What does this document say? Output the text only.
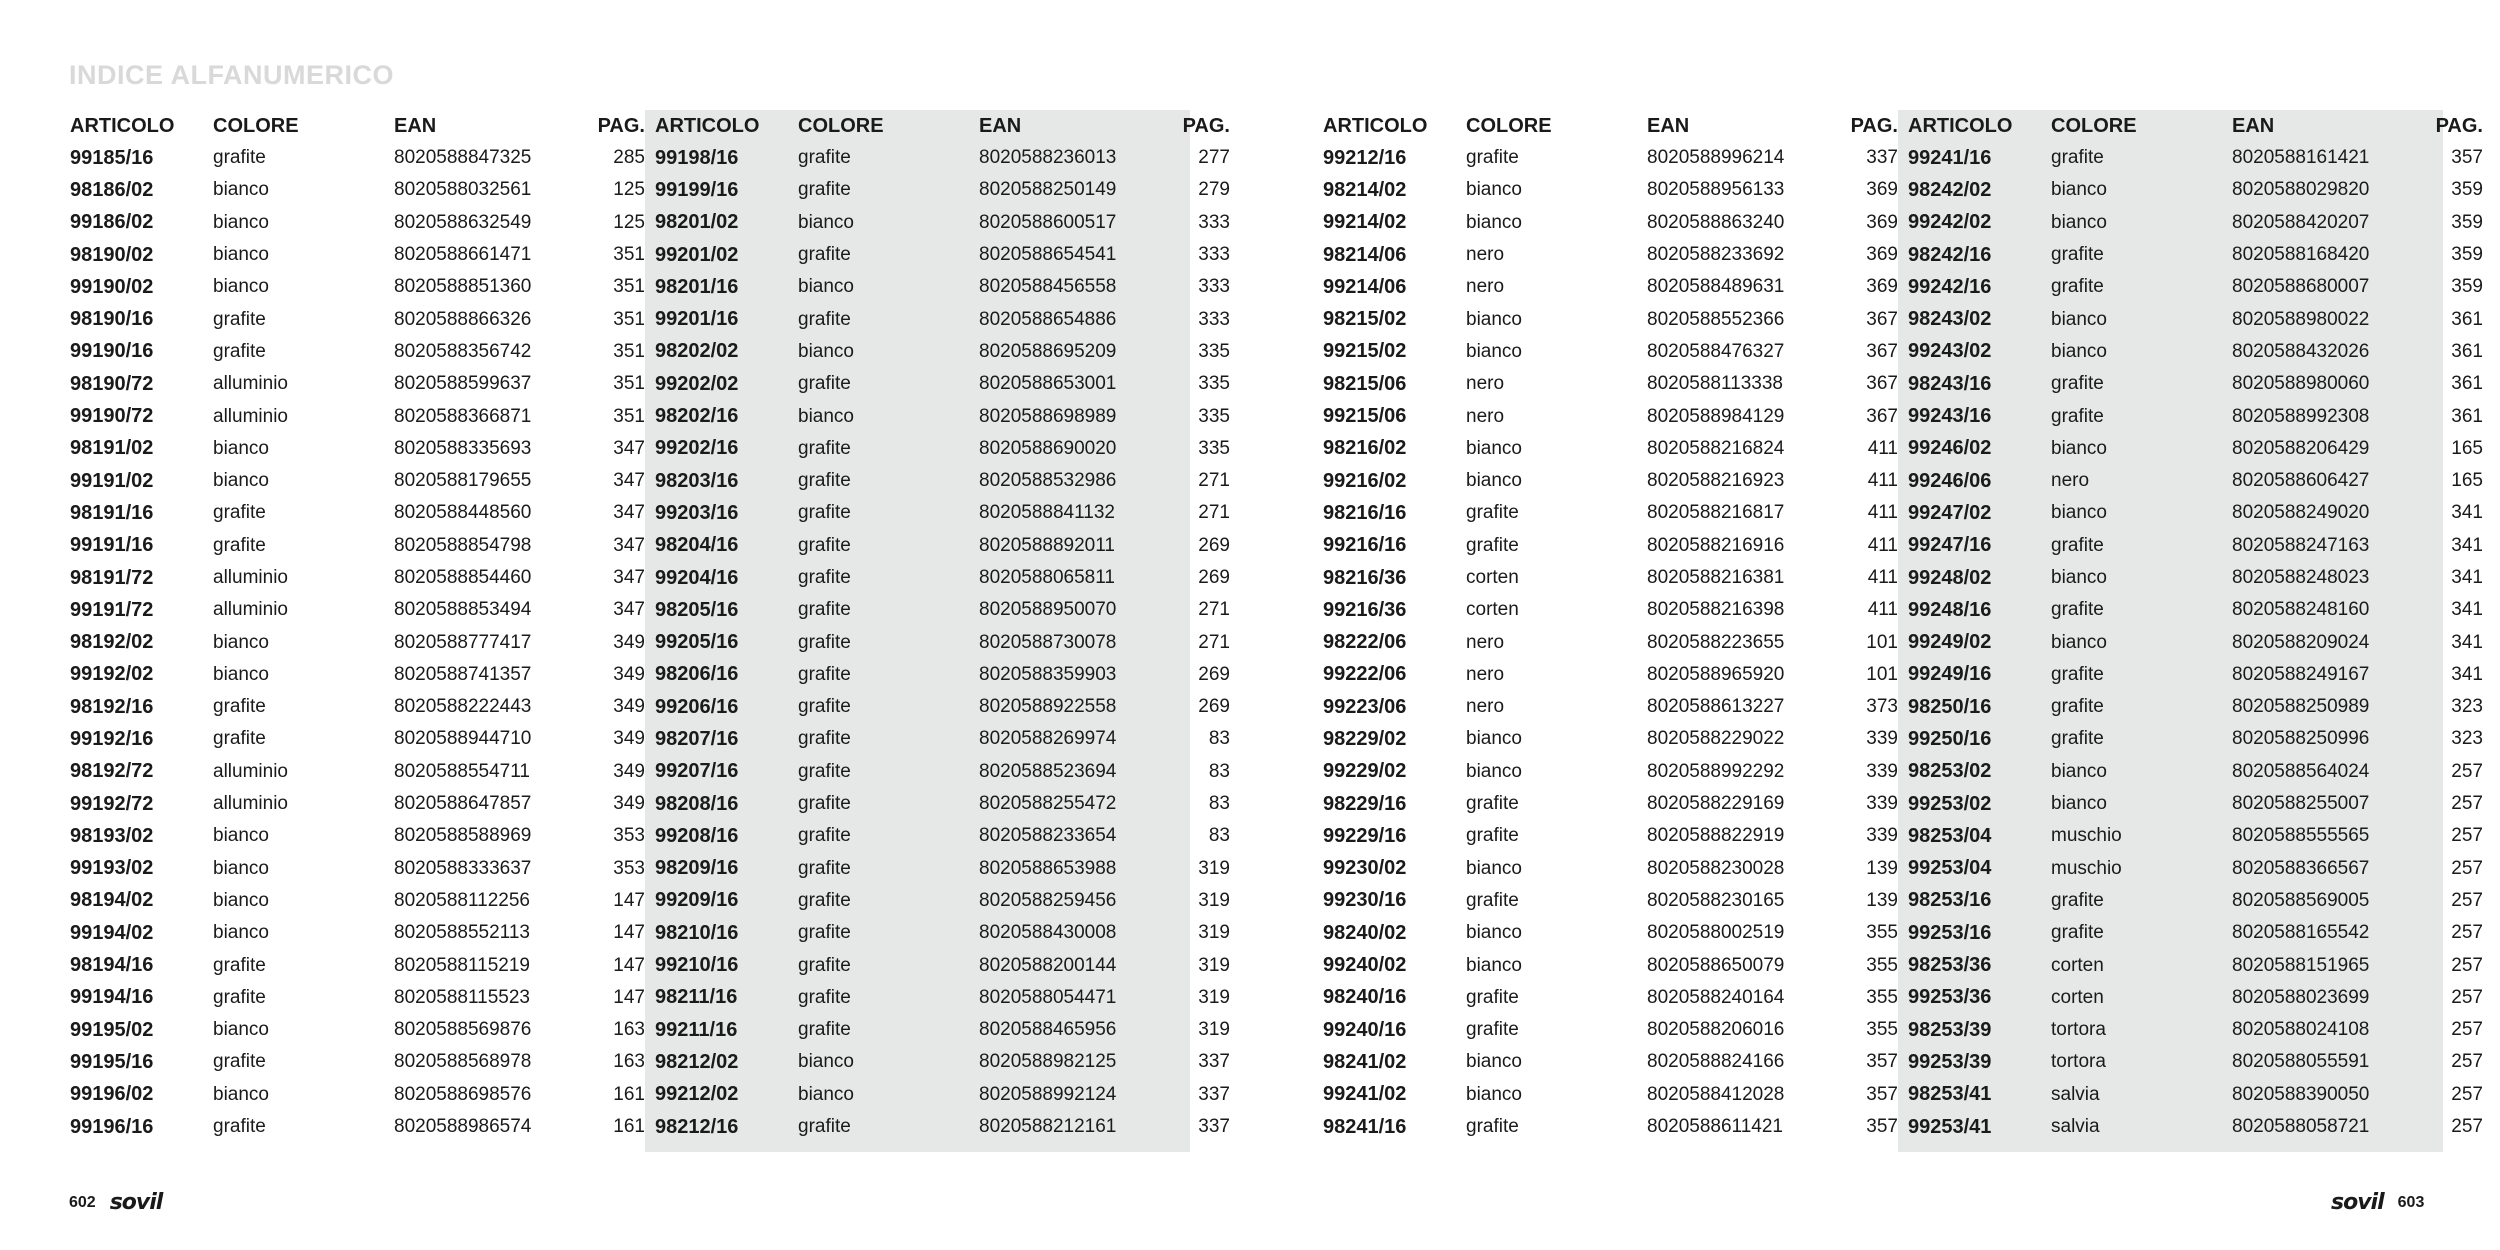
INDICE ALFANUMERICO
ARTICOLO	COLORE	EAN	PAG.
99185/16	grafite	8020588847325	285
98186/02	bianco	8020588032561	125
99186/02	bianco	8020588632549	125
98190/02	bianco	8020588661471	351
99190/02	bianco	8020588851360	351
98190/16	grafite	8020588866326	351
99190/16	grafite	8020588356742	351
98190/72	alluminio	8020588599637	351
99190/72	alluminio	8020588366871	351
98191/02	bianco	8020588335693	347
99191/02	bianco	8020588179655	347
98191/16	grafite	8020588448560	347
99191/16	grafite	8020588854798	347
98191/72	alluminio	8020588854460	347
99191/72	alluminio	8020588853494	347
98192/02	bianco	8020588777417	349
99192/02	bianco	8020588741357	349
98192/16	grafite	8020588222443	349
99192/16	grafite	8020588944710	349
98192/72	alluminio	8020588554711	349
99192/72	alluminio	8020588647857	349
98193/02	bianco	8020588588969	353
99193/02	bianco	8020588333637	353
98194/02	bianco	8020588112256	147
99194/02	bianco	8020588552113	147
98194/16	grafite	8020588115219	147
99194/16	grafite	8020588115523	147
99195/02	bianco	8020588569876	163
99195/16	grafite	8020588568978	163
99196/02	bianco	8020588698576	161
99196/16	grafite	8020588986574	161
ARTICOLO	COLORE	EAN	PAG.
99198/16	grafite	8020588236013	277
99199/16	grafite	8020588250149	279
98201/02	bianco	8020588600517	333
99201/02	grafite	8020588654541	333
98201/16	bianco	8020588456558	333
99201/16	grafite	8020588654886	333
98202/02	bianco	8020588695209	335
99202/02	grafite	8020588653001	335
98202/16	bianco	8020588698989	335
99202/16	grafite	8020588690020	335
98203/16	grafite	8020588532986	271
99203/16	grafite	8020588841132	271
98204/16	grafite	8020588892011	269
99204/16	grafite	8020588065811	269
98205/16	grafite	8020588950070	271
99205/16	grafite	8020588730078	271
98206/16	grafite	8020588359903	269
99206/16	grafite	8020588922558	269
98207/16	grafite	8020588269974	83
99207/16	grafite	8020588523694	83
98208/16	grafite	8020588255472	83
99208/16	grafite	8020588233654	83
98209/16	grafite	8020588653988	319
99209/16	grafite	8020588259456	319
98210/16	grafite	8020588430008	319
99210/16	grafite	8020588200144	319
98211/16	grafite	8020588054471	319
99211/16	grafite	8020588465956	319
98212/02	bianco	8020588982125	337
99212/02	bianco	8020588992124	337
98212/16	grafite	8020588212161	337
ARTICOLO	COLORE	EAN	PAG.
99212/16	grafite	8020588996214	337
98214/02	bianco	8020588956133	369
99214/02	bianco	8020588863240	369
98214/06	nero	8020588233692	369
99214/06	nero	8020588489631	369
98215/02	bianco	8020588552366	367
99215/02	bianco	8020588476327	367
98215/06	nero	8020588113338	367
99215/06	nero	8020588984129	367
98216/02	bianco	8020588216824	411
99216/02	bianco	8020588216923	411
98216/16	grafite	8020588216817	411
99216/16	grafite	8020588216916	411
98216/36	corten	8020588216381	411
99216/36	corten	8020588216398	411
98222/06	nero	8020588223655	101
99222/06	nero	8020588965920	101
99223/06	nero	8020588613227	373
98229/02	bianco	8020588229022	339
99229/02	bianco	8020588992292	339
98229/16	grafite	8020588229169	339
99229/16	grafite	8020588822919	339
99230/02	bianco	8020588230028	139
99230/16	grafite	8020588230165	139
98240/02	bianco	8020588002519	355
99240/02	bianco	8020588650079	355
98240/16	grafite	8020588240164	355
99240/16	grafite	8020588206016	355
98241/02	bianco	8020588824166	357
99241/02	bianco	8020588412028	357
98241/16	grafite	8020588611421	357
ARTICOLO	COLORE	EAN	PAG.
99241/16	grafite	8020588161421	357
98242/02	bianco	8020588029820	359
99242/02	bianco	8020588420207	359
98242/16	grafite	8020588168420	359
99242/16	grafite	8020588680007	359
98243/02	bianco	8020588980022	361
99243/02	bianco	8020588432026	361
98243/16	grafite	8020588980060	361
99243/16	grafite	8020588992308	361
99246/02	bianco	8020588206429	165
99246/06	nero	8020588606427	165
99247/02	bianco	8020588249020	341
99247/16	grafite	8020588247163	341
99248/02	bianco	8020588248023	341
99248/16	grafite	8020588248160	341
99249/02	bianco	8020588209024	341
99249/16	grafite	8020588249167	341
98250/16	grafite	8020588250989	323
99250/16	grafite	8020588250996	323
98253/02	bianco	8020588564024	257
99253/02	bianco	8020588255007	257
98253/04	muschio	8020588555565	257
99253/04	muschio	8020588366567	257
98253/16	grafite	8020588569005	257
99253/16	grafite	8020588165542	257
98253/36	corten	8020588151965	257
99253/36	corten	8020588023699	257
98253/39	tortora	8020588024108	257
99253/39	tortora	8020588055591	257
98253/41	salvia	8020588390050	257
99253/41	salvia	8020588058721	257
602 sovil	sovil 603
